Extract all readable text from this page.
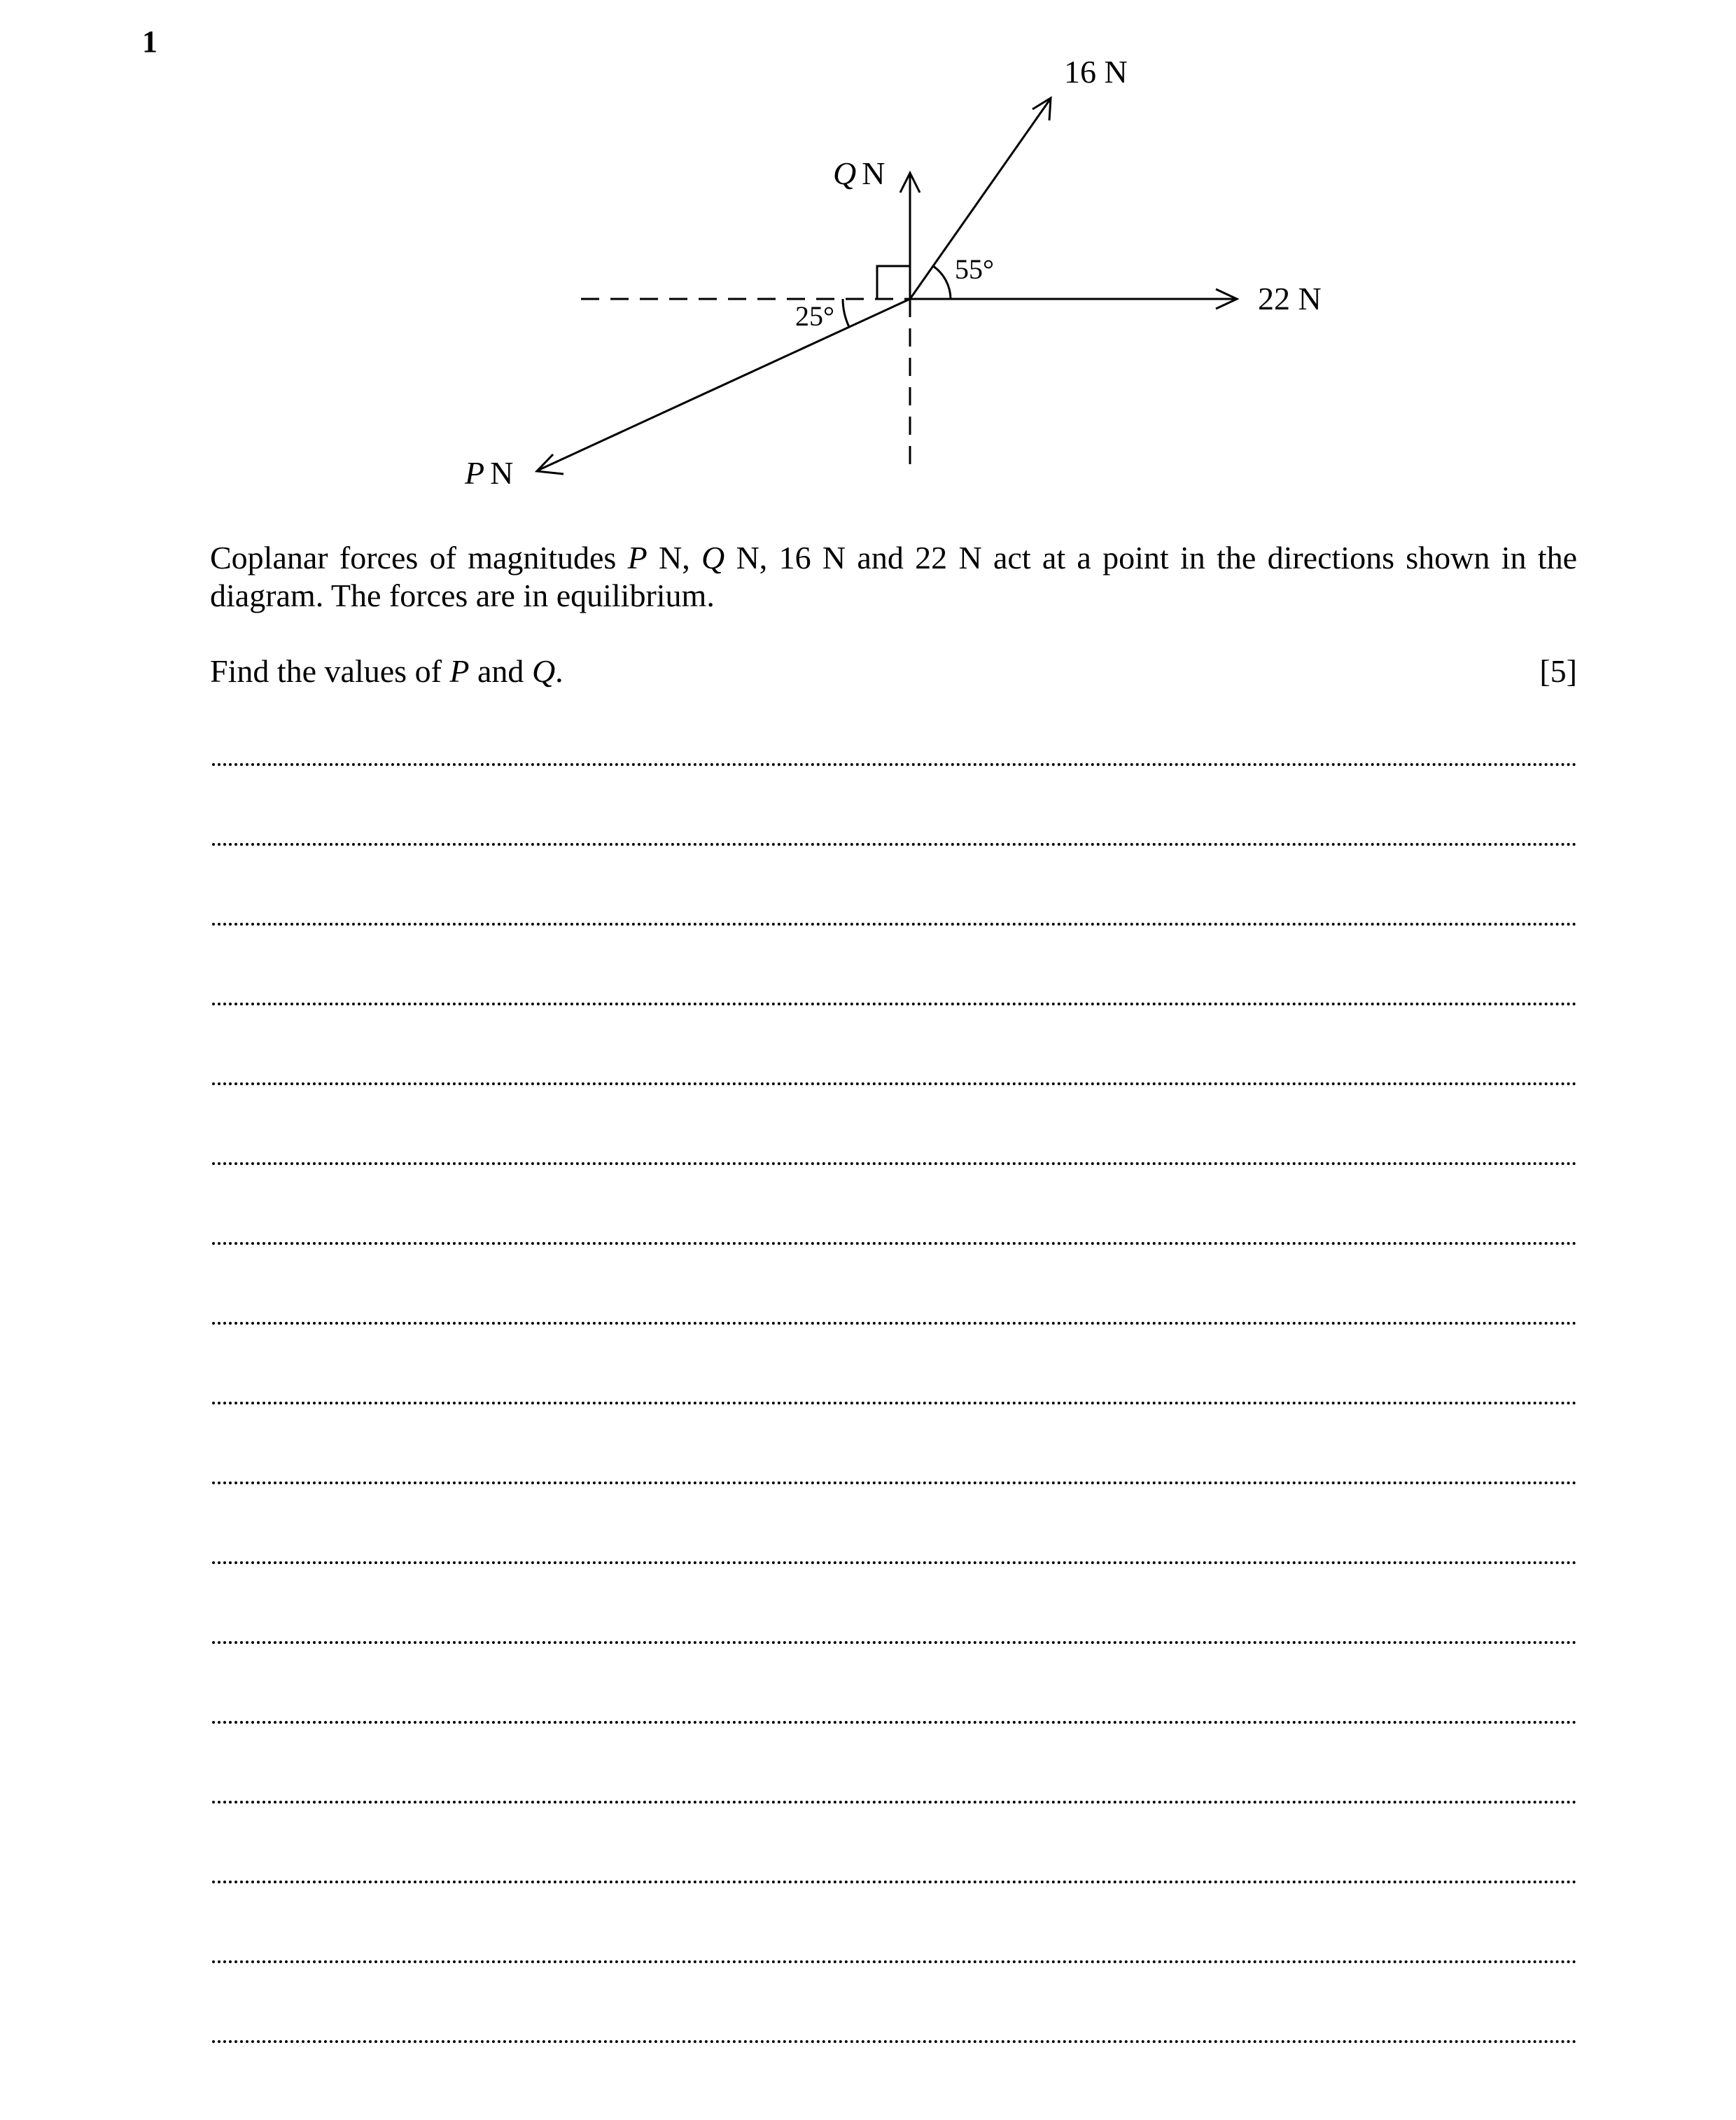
1
16 N
Q N
55°
22 N
25°
P N
Coplanar forces of magnitudes P N, Q N, 16 N and 22 N act at a point in the directions shown in the diagram. The forces are in equilibrium.
Find the values of P and Q.	[5]
